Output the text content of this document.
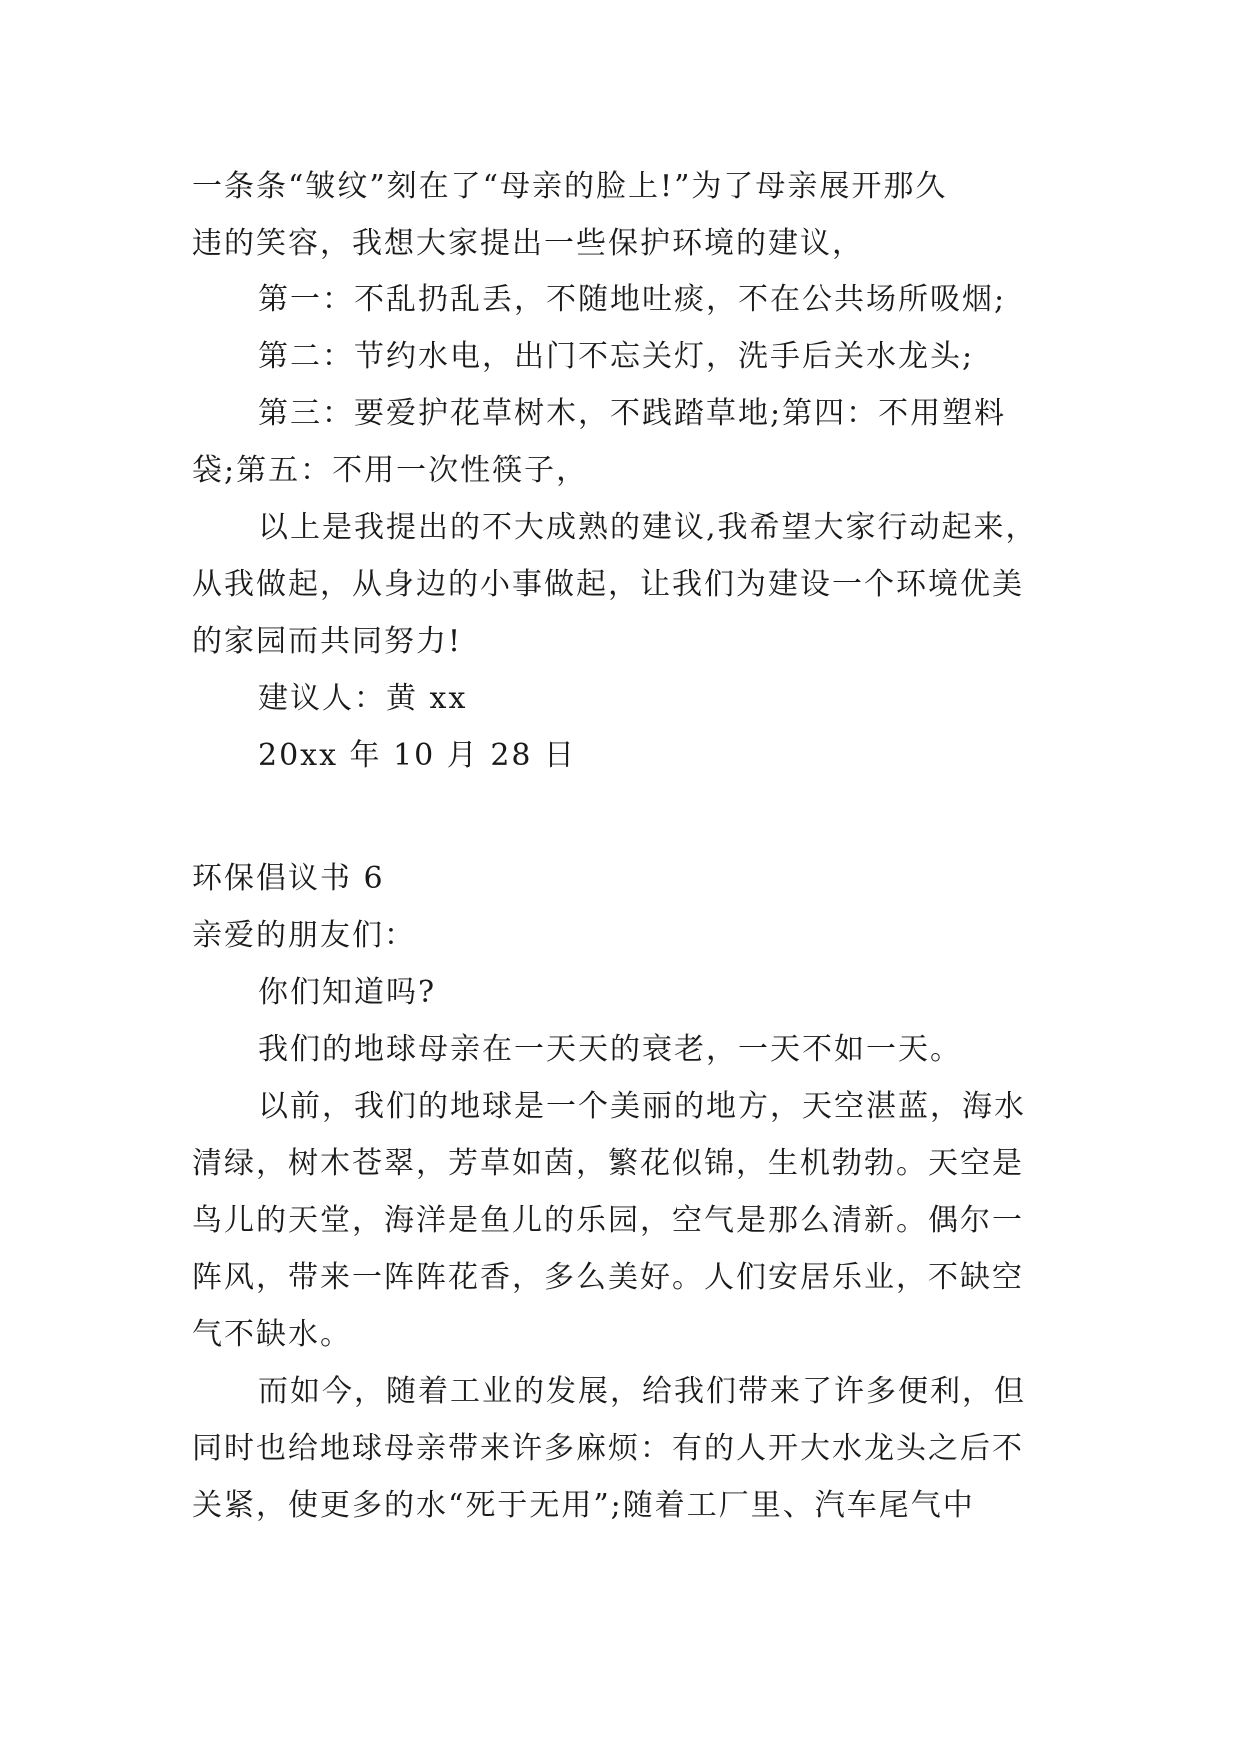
一条条“皱纹”刻在了“母亲的脸上!”为了母亲展开那久
违的笑容，我想大家提出一些保护环境的建议，
第一：不乱扔乱丢，不随地吐痰，不在公共场所吸烟;
第二：节约水电，出门不忘关灯，洗手后关水龙头;
第三：要爱护花草树木，不践踏草地;第四：不用塑料
袋;第五：不用一次性筷子，
以上是我提出的不大成熟的建议,我希望大家行动起来，
从我做起，从身边的小事做起，让我们为建设一个环境优美
的家园而共同努力!
建议人：黄 xx
20xx 年 10 月 28 日
环保倡议书 6
亲爱的朋友们：
你们知道吗?
我们的地球母亲在一天天的衰老，一天不如一天。
以前，我们的地球是一个美丽的地方，天空湛蓝，海水
清绿，树木苍翠，芳草如茵，繁花似锦，生机勃勃。天空是
鸟儿的天堂，海洋是鱼儿的乐园，空气是那么清新。偶尔一
阵风，带来一阵阵花香，多么美好。人们安居乐业，不缺空
气不缺水。
而如今，随着工业的发展，给我们带来了许多便利，但
同时也给地球母亲带来许多麻烦：有的人开大水龙头之后不
关紧，使更多的水“死于无用”;随着工厂里、汽车尾气中
